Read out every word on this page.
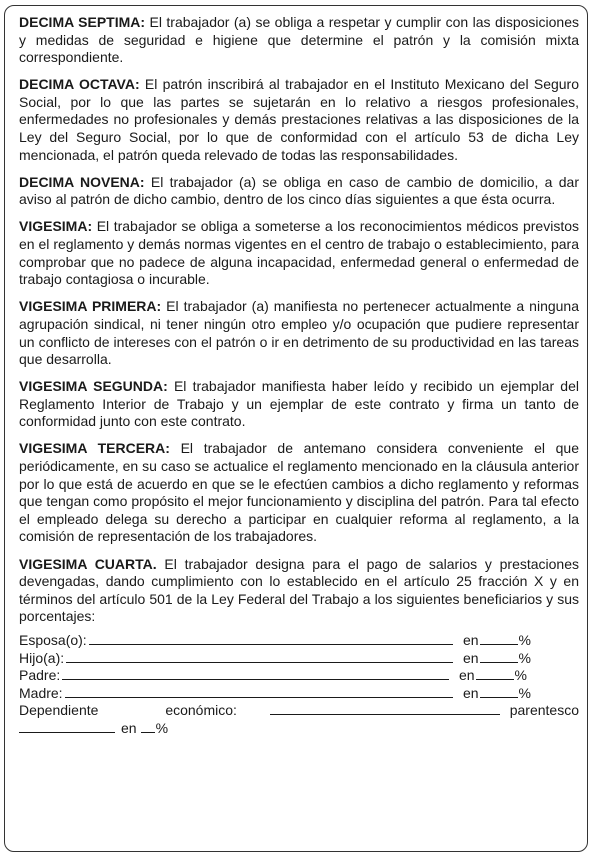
DECIMA SEPTIMA: El trabajador (a) se obliga a respetar y cumplir con las disposiciones y medidas de seguridad e higiene que determine el patrón y la comisión mixta correspondiente.

DECIMA OCTAVA: El patrón inscribirá al trabajador en el Instituto Mexicano del Seguro Social, por lo que las partes se sujetarán en lo relativo a riesgos profesionales, enfermedades no profesionales y demás prestaciones relativas a las disposiciones de la Ley del Seguro Social, por lo que de conformidad con el artículo 53 de dicha Ley mencionada, el patrón queda relevado de todas las responsabilidades.

DECIMA NOVENA: El trabajador (a) se obliga en caso de cambio de domicilio, a dar aviso al patrón de dicho cambio, dentro de los cinco días siguientes a que ésta ocurra.

VIGESIMA: El trabajador se obliga a someterse a los reconocimientos médicos previstos en el reglamento y demás normas vigentes en el centro de trabajo o establecimiento, para comprobar que no padece de alguna incapacidad, enfermedad general o enfermedad de trabajo contagiosa o incurable.

VIGESIMA PRIMERA: El trabajador (a) manifiesta no pertenecer actualmente a ninguna agrupación sindical, ni tener ningún otro empleo y/o ocupación que pudiere representar un conflicto de intereses con el patrón o ir en detrimento de su productividad en las tareas que desarrolla.

VIGESIMA SEGUNDA: El trabajador manifiesta haber leído y recibido un ejemplar del Reglamento Interior de Trabajo y un ejemplar de este contrato y firma un tanto de conformidad junto con este contrato.

VIGESIMA TERCERA: El trabajador de antemano considera conveniente el que periódicamente, en su caso se actualice el reglamento mencionado en la cláusula anterior por lo que está de acuerdo en que se le efectúen cambios a dicho reglamento y reformas que tengan como propósito el mejor funcionamiento y disciplina del patrón. Para tal efecto el empleado delega su derecho a participar en cualquier reforma al reglamento, a la comisión de representación de los trabajadores.

VIGESIMA CUARTA. El trabajador designa para el pago de salarios y prestaciones devengadas, dando cumplimiento con lo establecido en el artículo 25 fracción X y en términos del artículo 501 de la Ley Federal del Trabajo a los siguientes beneficiarios y sus porcentajes:

Esposa(o):	en	%
Hijo(a):	en	%
Padre:	en	%
Madre:	en	%
Dependiente	económico:	parentesco
en %
